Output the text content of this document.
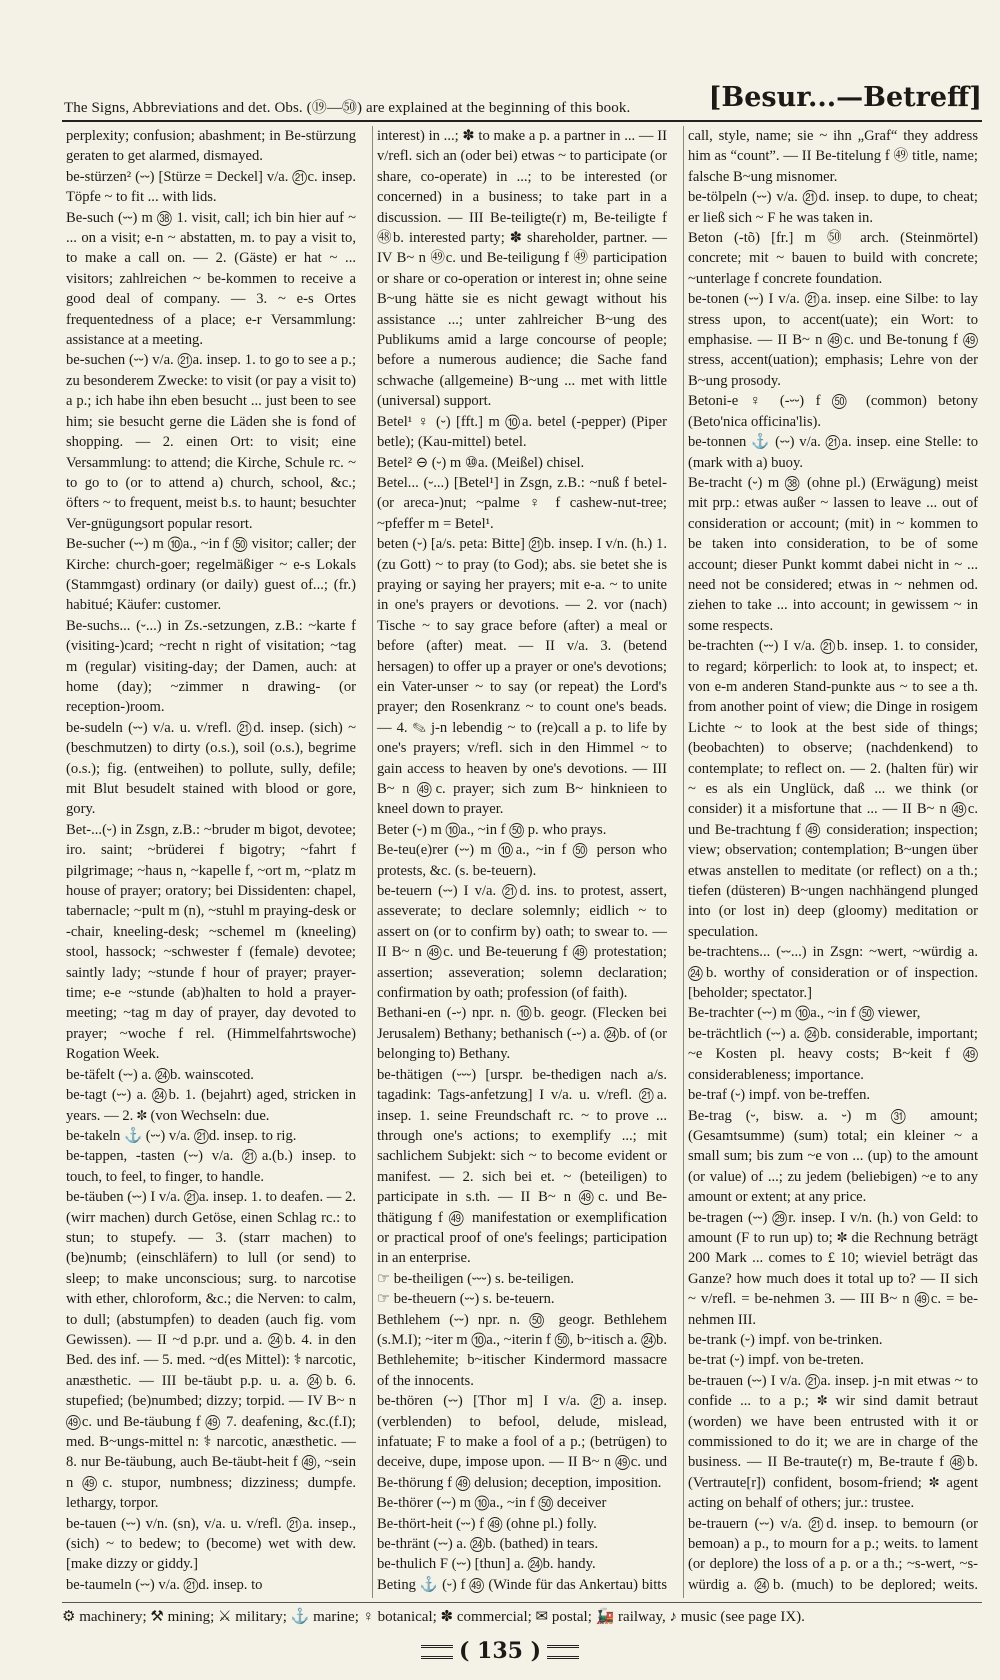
The Signs, Abbreviations and det. Obs. (⑲—㊿) are explained at the beginning of this book.	[Besur...—Betreff]

perplexity; confusion; abashment; in Be-stürzung geraten to get alarmed, dismayed.

be-stürzen² (⏑⏑) [Stürze = Deckel] v/a. ㉑c. insep. Töpfe ~ to fit ... with lids.

Be-such (⏑⏑) m ㊳ 1. visit, call; ich bin hier auf ~ ... on a visit; e-n ~ abstatten, m. to pay a visit to, to make a call on. — 2. (Gäste) er hat ~ ... visitors; zahlreichen ~ be-kommen to receive a good deal of company. — 3. ~ e-s Ortes frequentedness of a place; e-r Versammlung: assistance at a meeting.

be-suchen (⏑⏑) v/a. ㉑a. insep. 1. to go to see a p.; zu besonderem Zwecke: to visit (or pay a visit to) a p.; ich habe ihn eben besucht ... just been to see him; sie besucht gerne die Läden she is fond of shopping. — 2. einen Ort: to visit; eine Versammlung: to attend; die Kirche, Schule rc. ~ to go to (or to attend a) church, school, &c.; öfters ~ to frequent, meist b.s. to haunt; besuchter Ver-gnügungsort popular resort.

Be-sucher (⏑⏑) m ⑩a., ~in f ㊿ visitor; caller; der Kirche: church-goer; regelmäßiger ~ e-s Lokals (Stammgast) ordinary (or daily) guest of...; (fr.) habitué; Käufer: customer.

Be-suchs... (⏑...) in Zs.-setzungen, z.B.: ~karte f (visiting-)card; ~recht n right of visitation; ~tag m (regular) visiting-day; der Damen, auch: at home (day); ~zimmer n drawing- (or reception-)room.

be-sudeln (⏑⏑) v/a. u. v/refl. ㉑d. insep. (sich) ~ (beschmutzen) to dirty (o.s.), soil (o.s.), begrime (o.s.); fig. (entweihen) to pollute, sully, defile; mit Blut besudelt stained with blood or gore, gory.

Bet-...(⏑) in Zsgn, z.B.: ~bruder m bigot, devotee; iro. saint; ~brüderei f bigotry; ~fahrt f pilgrimage; ~haus n, ~kapelle f, ~ort m, ~platz m house of prayer; oratory; bei Dissidenten: chapel, tabernacle; ~pult m (n), ~stuhl m praying-desk or -chair, kneeling-desk; ~schemel m (kneeling) stool, hassock; ~schwester f (female) devotee; saintly lady; ~stunde f hour of prayer; prayer-time; e-e ~stunde (ab)halten to hold a prayer-meeting; ~tag m day of prayer, day devoted to prayer; ~woche f rel. (Himmelfahrtswoche) Rogation Week.

be-täfelt (⏑⏑) a. ㉔b. wainscoted.

be-tagt (⏑⏑) a. ㉔b. 1. (bejahrt) aged, stricken in years. — 2. ✽ (von Wechseln: due.

be-takeln ⚓ (⏑⏑) v/a. ㉑d. insep. to rig.

be-tappen, -tasten (⏑⏑) v/a. ㉑a.(b.) insep. to touch, to feel, to finger, to handle.

be-täuben (⏑⏑) I v/a. ㉑a. insep. 1. to deafen. — 2. (wirr machen) durch Getöse, einen Schlag rc.: to stun; to stupefy. — 3. (starr machen) to (be)numb; (einschläfern) to lull (or send) to sleep; to make unconscious; surg. to narcotise with ether, chloroform, &c.; die Nerven: to calm, to dull; (abstumpfen) to deaden (auch fig. vom Gewissen). — II ~d p.pr. und a. ㉔b. 4. in den Bed. des inf. — 5. med. ~d(es Mittel): ⚕ narcotic, anæsthetic. — III be-täubt p.p. u. a. ㉔b. 6. stupefied; (be)numbed; dizzy; torpid. — IV B~ n ㊾c. und Be-täubung f ㊾ 7. deafening, &c.(f.I); med. B~ungs-mittel n: ⚕ narcotic, anæsthetic. — 8. nur Be-täubung, auch Be-täubt-heit f ㊾, ~sein n ㊾c. stupor, numbness; dizziness; dumpfe. lethargy, torpor.

be-tauen (⏑⏑) v/n. (sn), v/a. u. v/refl. ㉑a. insep., (sich) ~ to bedew; to (become) wet with dew. [make dizzy or giddy.]

be-taumeln (⏑⏑) v/a. ㉑d. insep. to

interest) in ...; ✽ to make a p. a partner in ... — II v/refl. sich an (oder bei) etwas ~ to participate (or share, co-operate) in ...; to be interested (or concerned) in a business; to take part in a discussion. — III Be-teiligte(r) m, Be-teiligte f ㊽b. interested party; ✽ shareholder, partner. — IV B~ n ㊾c. und Be-teiligung f ㊾ participation or share or co-operation or interest in; ohne seine B~ung hätte sie es nicht gewagt without his assistance ...; unter zahlreicher B~ung des Publikums amid a large concourse of people; before a numerous audience; die Sache fand schwache (allgemeine) B~ung ... met with little (universal) support.

Betel¹ ♀ (⏑) [fft.] m ⑩a. betel (-pepper) (Piper betle); (Kau-mittel) betel.

Betel² ⊖ (⏑) m ⑩a. (Meißel) chisel.

Betel... (⏑...) [Betel¹] in Zsgn, z.B.: ~nuß f betel- (or areca-)nut; ~palme ♀ f cashew-nut-tree; ~pfeffer m = Betel¹.

beten (⏑) [a/s. peta: Bitte] ㉑b. insep. I v/n. (h.) 1. (zu Gott) ~ to pray (to God); abs. sie betet she is praying or saying her prayers; mit e-a. ~ to unite in one's prayers or devotions. — 2. vor (nach) Tische ~ to say grace before (after) a meal or before (after) meat. — II v/a. 3. (betend hersagen) to offer up a prayer or one's devotions; ein Vater-unser ~ to say (or repeat) the Lord's prayer; den Rosenkranz ~ to count one's beads. — 4. ✎ j-n lebendig ~ to (re)call a p. to life by one's prayers; v/refl. sich in den Himmel ~ to gain access to heaven by one's devotions. — III B~ n ㊾c. prayer; sich zum B~ hinknieen to kneel down to prayer.

Beter (⏑) m ⑩a., ~in f ㊿ p. who prays.

Be-teu(e)rer (⏑⏑) m ⑩a., ~in f ㊿ person who protests, &c. (s. be-teuern).

be-teuern (⏑⏑) I v/a. ㉑d. ins. to protest, assert, asseverate; to declare solemnly; eidlich ~ to assert on (or to confirm by) oath; to swear to. — II B~ n ㊾c. und Be-teuerung f ㊾ protestation; assertion; asseveration; solemn declaration; confirmation by oath; profession (of faith).

Bethani-en (-⏑) npr. n. ⑩b. geogr. (Flecken bei Jerusalem) Bethany; bethanisch (-⏑) a. ㉔b. of (or belonging to) Bethany.

be-thätigen (⏑⏑⏑) [urspr. be-thedigen nach a/s. tagadink: Tags-anfetzung] I v/a. u. v/refl. ㉑a. insep. 1. seine Freundschaft rc. ~ to prove ... through one's actions; to exemplify ...; mit sachlichem Subjekt: sich ~ to become evident or manifest. — 2. sich bei et. ~ (beteiligen) to participate in s.th. — II B~ n ㊾c. und Be-thätigung f ㊾ manifestation or exemplification or practical proof of one's feelings; participation in an enterprise.

☞ be-theiligen (⏑⏑⏑) s. be-teiligen.

☞ be-theuern (⏑⏑) s. be-teuern.

Bethlehem (⏑⏑) npr. n. ㊿ geogr. Bethlehem (s.M.I); ~iter m ⑩a., ~iterin f ㊿, b~itisch a. ㉔b. Bethlehemite; b~itischer Kindermord massacre of the innocents.

be-thören (⏑⏑) [Thor m] I v/a. ㉑a. insep. (verblenden) to befool, delude, mislead, infatuate; F to make a fool of a p.; (betrügen) to deceive, dupe, impose upon. — II B~ n ㊾c. und Be-thörung f ㊾ delusion; deception, imposition.

Be-thörer (⏑⏑) m ⑩a., ~in f ㊿ deceiver

Be-thört-heit (⏑⏑) f ㊾ (ohne pl.) folly.

be-thränt (⏑⏑) a. ㉔b. (bathed) in tears.

be-thulich F (⏑⏑) [thun] a. ㉔b. handy.

Beting ⚓ (⏑) f ㊾ (Winde für das Ankertau) bitts

call, style, name; sie ~ ihn „Graf“ they address him as “count”. — II Be-titelung f ㊾ title, name; falsche B~ung misnomer.

be-tölpeln (⏑⏑) v/a. ㉑d. insep. to dupe, to cheat; er ließ sich ~ F he was taken in.

Beton (-tõ) [fr.] m ㊿ arch. (Steinmörtel) concrete; mit ~ bauen to build with concrete; ~unterlage f concrete foundation.

be-tonen (⏑⏑) I v/a. ㉑a. insep. eine Silbe: to lay stress upon, to accent(uate); ein Wort: to emphasise. — II B~ n ㊾c. und Be-tonung f ㊾ stress, accent(uation); emphasis; Lehre von der B~ung prosody.

Betoni-e ♀ (-⏑⏑) f ㊿ (common) betony (Beto'nica officina'lis).

be-tonnen ⚓ (⏑⏑) v/a. ㉑a. insep. eine Stelle: to (mark with a) buoy.

Be-tracht (⏑) m ㊳ (ohne pl.) (Erwägung) meist mit prp.: etwas außer ~ lassen to leave ... out of consideration or account; (mit) in ~ kommen to be taken into consideration, to be of some account; dieser Punkt kommt dabei nicht in ~ ... need not be considered; etwas in ~ nehmen od. ziehen to take ... into account; in gewissem ~ in some respects.

be-trachten (⏑⏑) I v/a. ㉑b. insep. 1. to consider, to regard; körperlich: to look at, to inspect; et. von e-m anderen Stand-punkte aus ~ to see a th. from another point of view; die Dinge in rosigem Lichte ~ to look at the best side of things; (beobachten) to observe; (nachdenkend) to contemplate; to reflect on. — 2. (halten für) wir ~ es als ein Unglück, daß ... we think (or consider) it a misfortune that ... — II B~ n ㊾c. und Be-trachtung f ㊾ consideration; inspection; view; observation; contemplation; B~ungen über etwas anstellen to meditate (or reflect) on a th.; tiefen (düsteren) B~ungen nachhängend plunged into (or lost in) deep (gloomy) meditation or speculation.

be-trachtens... (⏑⏑...) in Zsgn: ~wert, ~würdig a. ㉔b. worthy of consideration or of inspection. [beholder; spectator.]

Be-trachter (⏑⏑) m ⑩a., ~in f ㊿ viewer,

be-trächtlich (⏑⏑) a. ㉔b. considerable, important; ~e Kosten pl. heavy costs; B~keit f ㊾ considerableness; importance.

be-traf (⏑) impf. von be-treffen.

Be-trag (⏑, bisw. a. ⏑) m ㉛ amount; (Gesamtsumme) (sum) total; ein kleiner ~ a small sum; bis zum ~e von ... (up) to the amount (or value) of ...; zu jedem (beliebigen) ~e to any amount or extent; at any price.

be-tragen (⏑⏑) ㉙r. insep. I v/n. (h.) von Geld: to amount (F to run up) to; ✽ die Rechnung beträgt 200 Mark ... comes to £ 10; wieviel beträgt das Ganze? how much does it total up to? — II sich ~ v/refl. = be-nehmen 3. — III B~ n ㊾c. = be-nehmen III.

be-trank (⏑) impf. von be-trinken.

be-trat (⏑) impf. von be-treten.

be-trauen (⏑⏑) I v/a. ㉑a. insep. j-n mit etwas ~ to confide ... to a p.; ✽ wir sind damit betraut (worden) we have been entrusted with it or commissioned to do it; we are in charge of the business. — II Be-traute(r) m, Be-traute f ㊽b. (Vertraute[r]) confident, bosom-friend; ✽ agent acting on behalf of others; jur.: trustee.

be-trauern (⏑⏑) v/a. ㉑d. insep. to bemourn (or bemoan) a p., to mourn for a p.; weits. to lament (or deplore) the loss of a p. or a th.; ~s-wert, ~s-würdig a. ㉔b. (much) to be deplored; weits.

⚙ machinery; ⚒ mining; ⚔ military; ⚓ marine; ♀ botanical; ✽ commercial; ✉ postal; 🚂 railway, ♪ music (see page IX).
( 135 )
